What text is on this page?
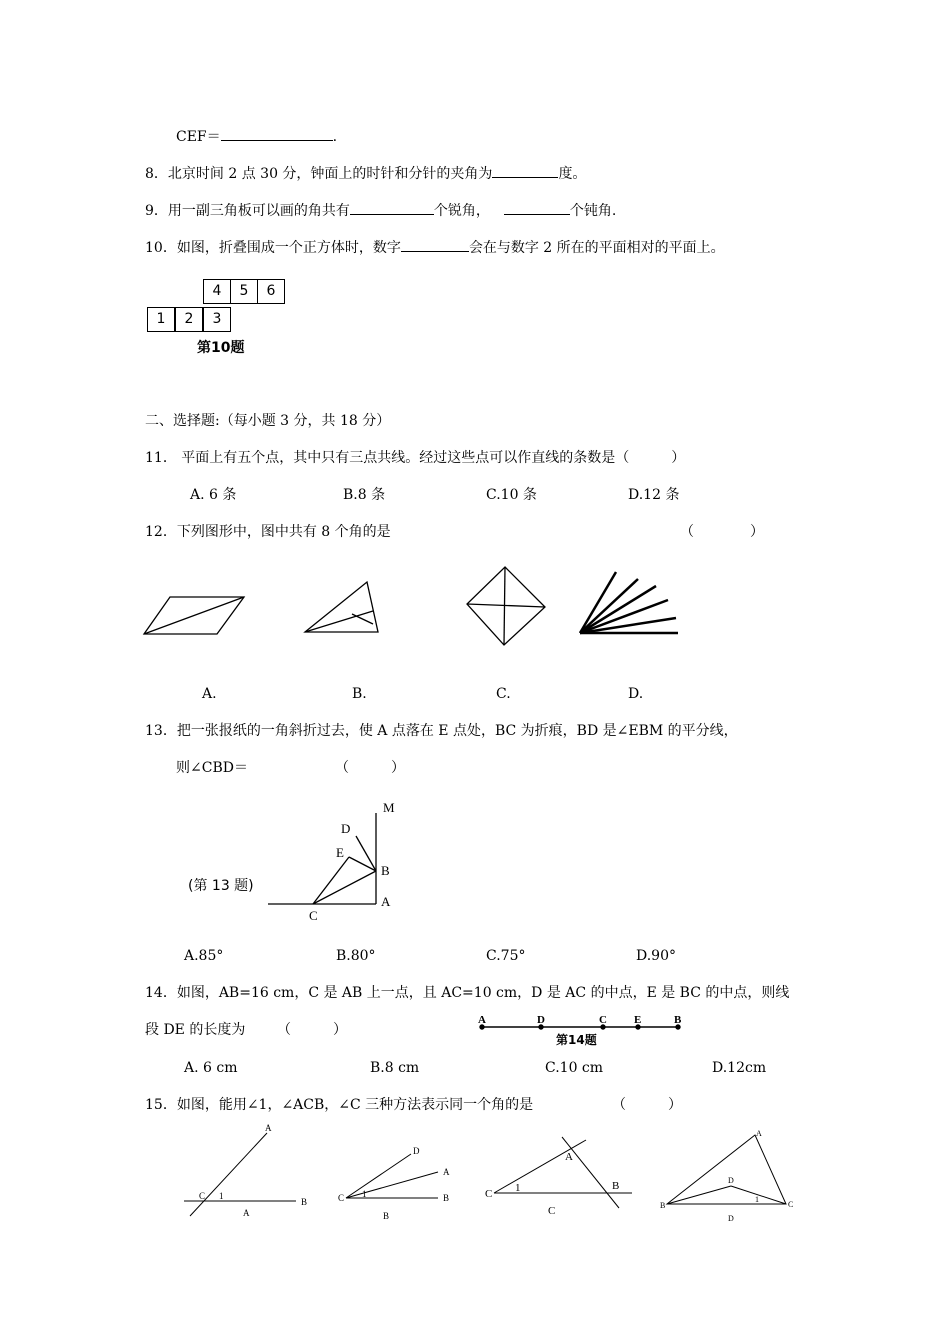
CEF＝	.
8．北京时间 2 点 30 分，钟面上的时针和分针的夹角为	度。
9．用一副三角板可以画的角共有	个锐角，	个钝角.
10．如图，折叠围成一个正方体时，数字	会在与数字 2 所在的平面相对的平面上。
4	5	6
1	2	3
第10题
二、选择题:（每小题 3 分，共 18 分）
11． 平面上有五个点，其中只有三点共线。经过这些点可以作直线的条数是（　　　）
A. 6 条	B.8 条	C.10 条	D.12 条
12．下列图形中，图中共有 8 个角的是	（　　　　）
M
D
E
B
A
C
A	D	C E	B
A
C 1
B
A
D
A
C 1	B
B
A
C 1	B
C
A
D
B
1
C
D
A.	B.	C.	D.
13．把一张报纸的一角斜折过去，使 A 点落在 E 点处，BC 为折痕，BD 是∠EBM 的平分线，
则∠CBD＝	（　　　）
(第 13 题)
A.85°	B.80°	C.75°	D.90°
14．如图，AB=16 cm，C 是 AB 上一点，且 AC=10 cm，D 是 AC 的中点，E 是 BC 的中点，则线
段 DE 的长度为 （　　　）
第14题
A. 6 cm	B.8 cm	C.10 cm	D.12cm
15．如图，能用∠1，∠ACB，∠C 三种方法表示同一个角的是	（　　　）
